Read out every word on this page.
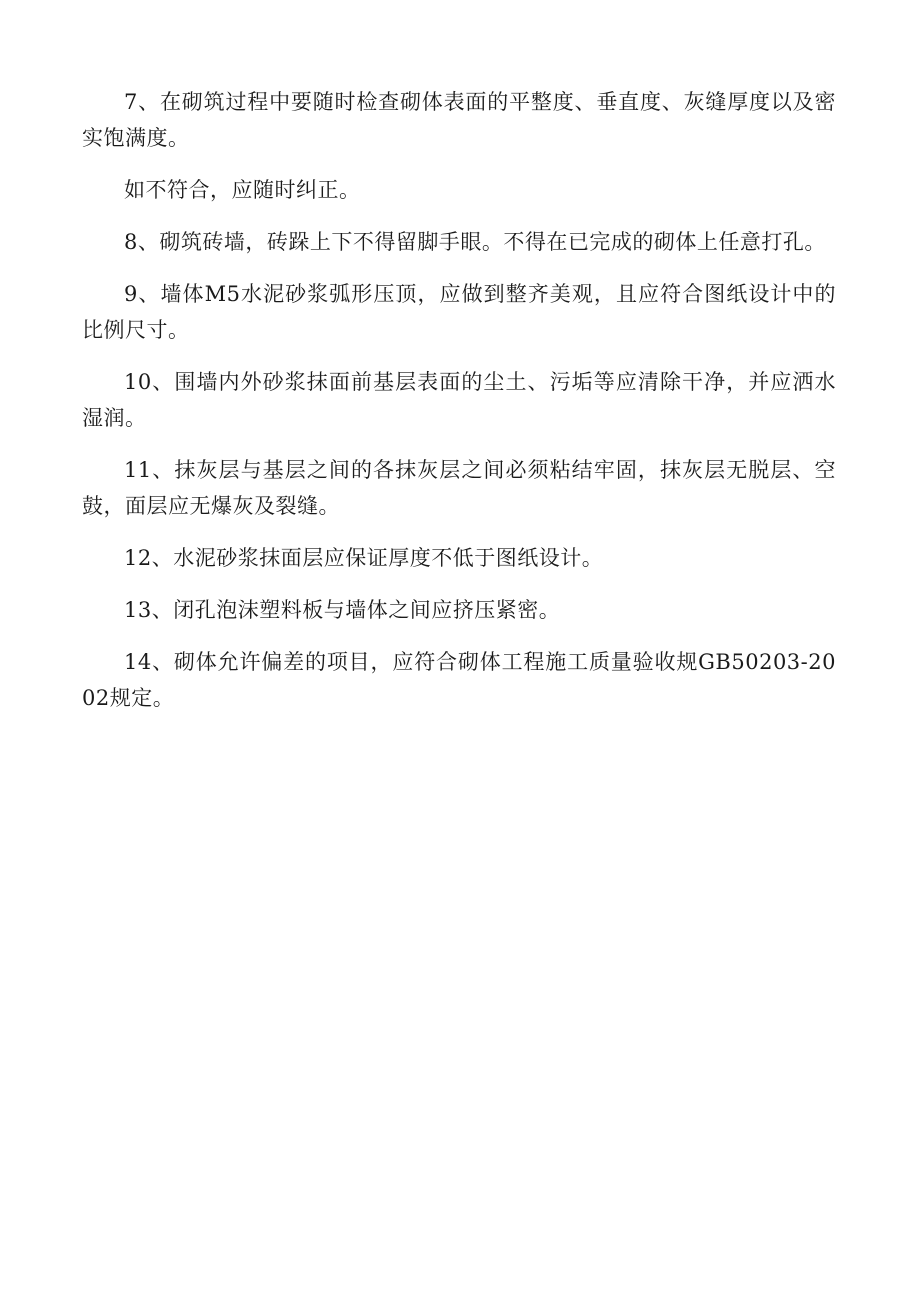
7、在砌筑过程中要随时检查砌体表面的平整度、垂直度、灰缝厚度以及密实饱满度。

如不符合，应随时纠正。

8、砌筑砖墙，砖跺上下不得留脚手眼。不得在已完成的砌体上任意打孔。

9、墙体M5水泥砂浆弧形压顶，应做到整齐美观，且应符合图纸设计中的比例尺寸。

10、围墙内外砂浆抹面前基层表面的尘土、污垢等应清除干净，并应洒水湿润。

11、抹灰层与基层之间的各抹灰层之间必须粘结牢固，抹灰层无脱层、空鼓，面层应无爆灰及裂缝。

12、水泥砂浆抹面层应保证厚度不低于图纸设计。

13、闭孔泡沫塑料板与墙体之间应挤压紧密。

14、砌体允许偏差的项目，应符合砌体工程施工质量验收规GB50203-2002规定。
